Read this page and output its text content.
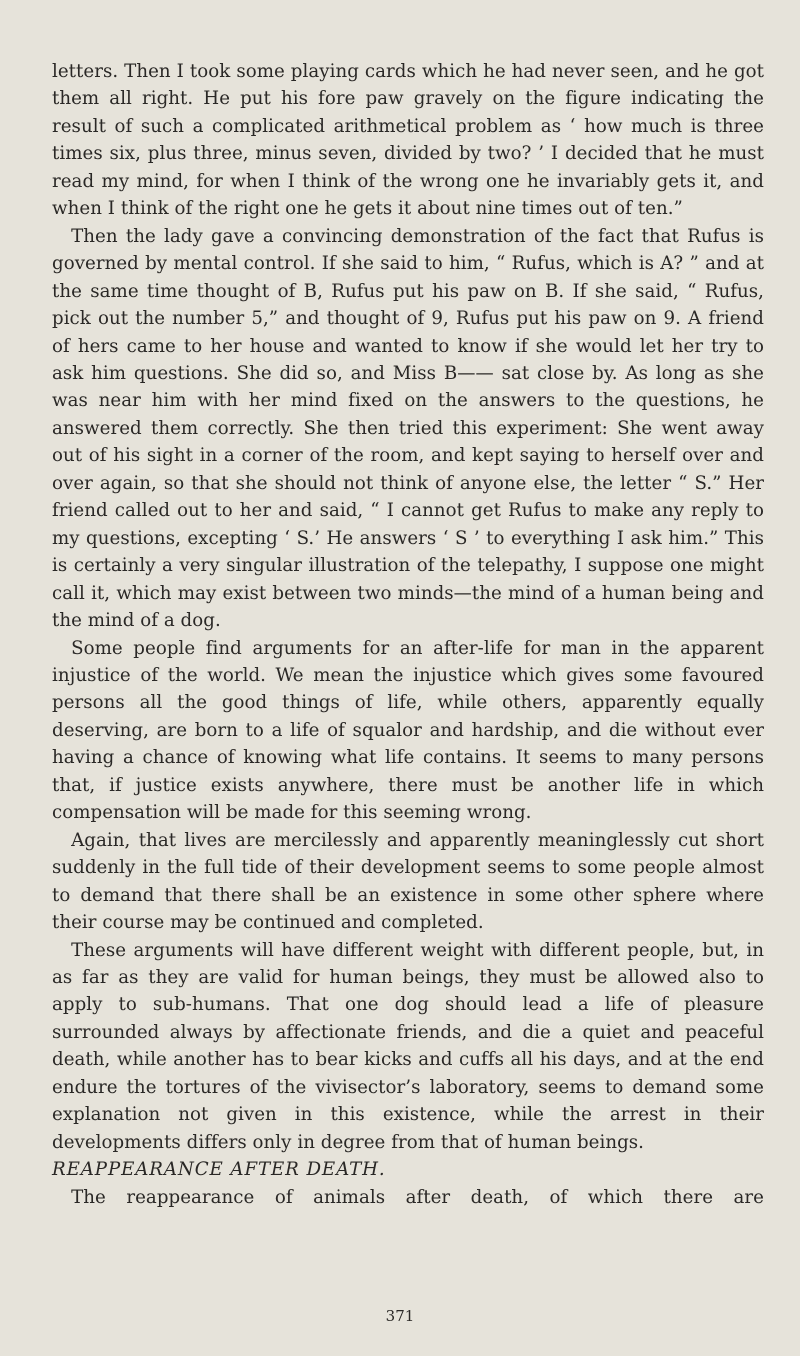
letters. Then I took some playing cards which he had never seen, and he got them all right. He put his fore paw gravely on the figure indicating the result of such a complicated arithmetical problem as ‘ how much is three times six, plus three, minus seven, divided by two? ’ I decided that he must read my mind, for when I think of the wrong one he invariably gets it, and when I think of the right one he gets it about nine times out of ten.”

Then the lady gave a convincing demonstration of the fact that Rufus is governed by mental control. If she said to him, “ Rufus, which is A? ” and at the same time thought of B, Rufus put his paw on B. If she said, “ Rufus, pick out the number 5,” and thought of 9, Rufus put his paw on 9. A friend of hers came to her house and wanted to know if she would let her try to ask him questions. She did so, and Miss B—— sat close by. As long as she was near him with her mind fixed on the answers to the questions, he answered them correctly. She then tried this experiment: She went away out of his sight in a corner of the room, and kept saying to herself over and over again, so that she should not think of anyone else, the letter “ S.” Her friend called out to her and said, “ I cannot get Rufus to make any reply to my questions, excepting ‘ S.’ He answers ‘ S ’ to everything I ask him.” This is certainly a very singular illustration of the telepathy, I suppose one might call it, which may exist between two minds—the mind of a human being and the mind of a dog.

Some people find arguments for an after-life for man in the apparent injustice of the world. We mean the injustice which gives some favoured persons all the good things of life, while others, apparently equally deserving, are born to a life of squalor and hardship, and die without ever having a chance of knowing what life contains. It seems to many persons that, if justice exists anywhere, there must be another life in which compensation will be made for this seeming wrong.

Again, that lives are mercilessly and apparently meaninglessly cut short suddenly in the full tide of their development seems to some people almost to demand that there shall be an existence in some other sphere where their course may be continued and completed.

These arguments will have different weight with different people, but, in as far as they are valid for human beings, they must be allowed also to apply to sub-humans. That one dog should lead a life of pleasure surrounded always by affectionate friends, and die a quiet and peaceful death, while another has to bear kicks and cuffs all his days, and at the end endure the tortures of the vivisector’s laboratory, seems to demand some explanation not given in this existence, while the arrest in their developments differs only in degree from that of human beings.

REAPPEARANCE AFTER DEATH.

The reappearance of animals after death, of which there are

371
